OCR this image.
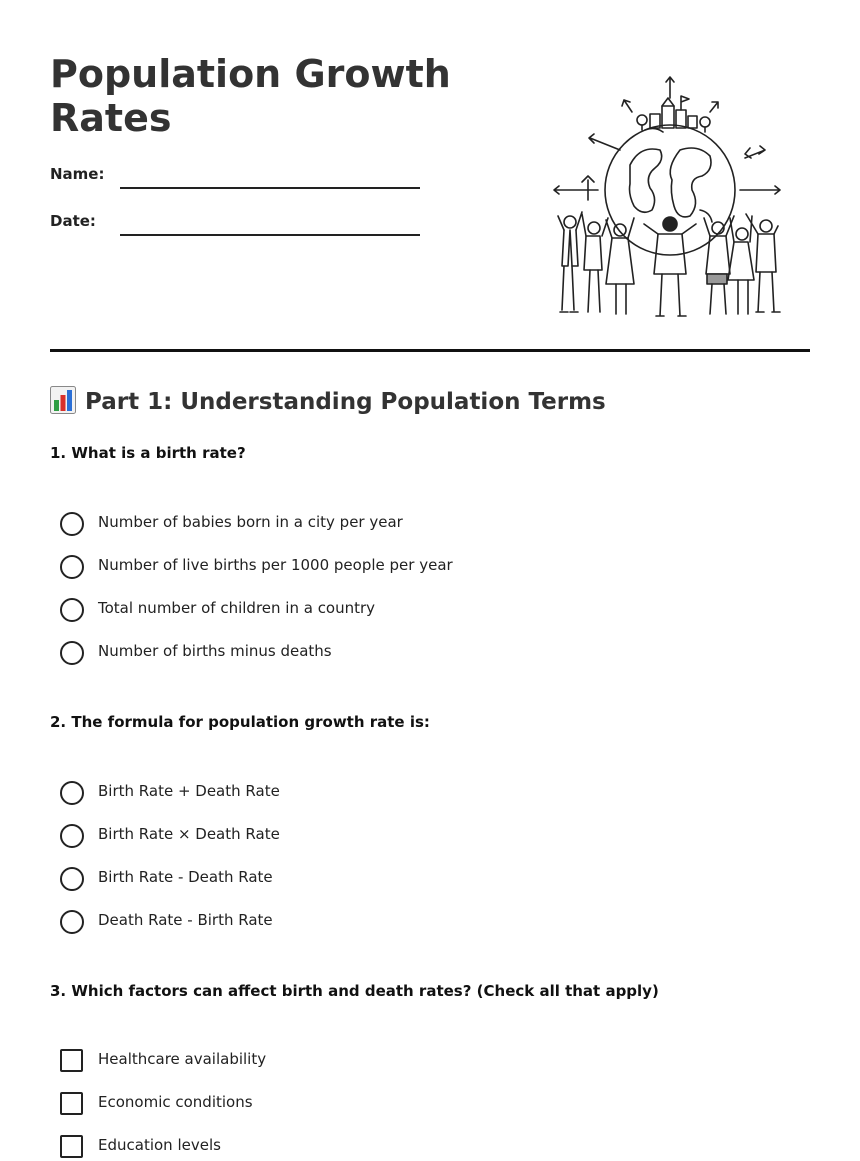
Population Growth Rates
Name:
Date:
Part 1: Understanding Population Terms

1. What is a birth rate?

Number of babies born in a city per year
Number of live births per 1000 people per year
Total number of children in a country
Number of births minus deaths

2. The formula for population growth rate is:

Birth Rate + Death Rate
Birth Rate × Death Rate
Birth Rate - Death Rate
Death Rate - Birth Rate

3. Which factors can affect birth and death rates? (Check all that apply)

Healthcare availability
Economic conditions
Education levels
